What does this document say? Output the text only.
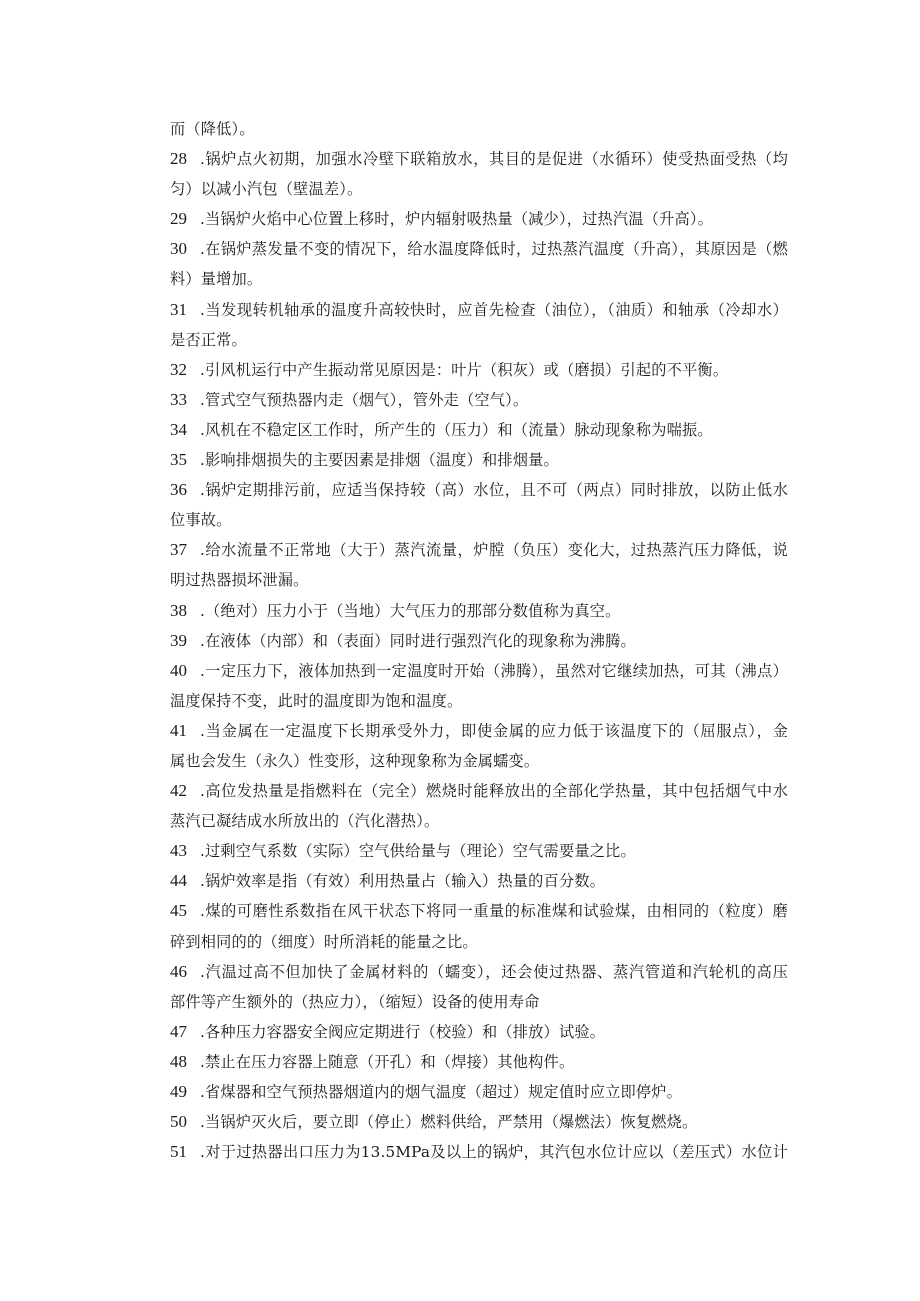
而（降低）。
28 .锅炉点火初期，加强水冷壁下联箱放水，其目的是促进（水循环）使受热面受热（均
匀）以减小汽包（壁温差）。
29 .当锅炉火焰中心位置上移时，炉内辐射吸热量（减少），过热汽温（升高）。
30 .在锅炉蒸发量不变的情况下，给水温度降低时，过热蒸汽温度（升高），其原因是（燃
料）量增加。
31 .当发现转机轴承的温度升高较快时，应首先检查（油位），（油质）和轴承（冷却水）
是否正常。
32 .引风机运行中产生振动常见原因是：叶片（积灰）或（磨损）引起的不平衡。
33 .管式空气预热器内走（烟气），管外走（空气）。
34 .风机在不稳定区工作时，所产生的（压力）和（流量）脉动现象称为喘振。
35 .影响排烟损失的主要因素是排烟（温度）和排烟量。
36 .锅炉定期排污前，应适当保持较（高）水位，且不可（两点）同时排放，以防止低水
位事故。
37 .给水流量不正常地（大于）蒸汽流量，炉膛（负压）变化大，过热蒸汽压力降低，说
明过热器损坏泄漏。
38 .（绝对）压力小于（当地）大气压力的那部分数值称为真空。
39 .在液体（内部）和（表面）同时进行强烈汽化的现象称为沸腾。
40 .一定压力下，液体加热到一定温度时开始（沸腾），虽然对它继续加热，可其（沸点）
温度保持不变，此时的温度即为饱和温度。
41 .当金属在一定温度下长期承受外力，即使金属的应力低于该温度下的（屈服点），金
属也会发生（永久）性变形，这种现象称为金属蠕变。
42 .高位发热量是指燃料在（完全）燃烧时能释放出的全部化学热量，其中包括烟气中水
蒸汽已凝结成水所放出的（汽化潜热）。
43 .过剩空气系数（实际）空气供给量与（理论）空气需要量之比。
44 .锅炉效率是指（有效）利用热量占（输入）热量的百分数。
45 .煤的可磨性系数指在风干状态下将同一重量的标准煤和试验煤，由相同的（粒度）磨
碎到相同的的（细度）时所消耗的能量之比。
46 .汽温过高不但加快了金属材料的（蠕变），还会使过热器、蒸汽管道和汽轮机的高压
部件等产生额外的（热应力），（缩短）设备的使用寿命
47 .各种压力容器安全阀应定期进行（校验）和（排放）试验。
48 .禁止在压力容器上随意（开孔）和（焊接）其他构件。
49 .省煤器和空气预热器烟道内的烟气温度（超过）规定值时应立即停炉。
50 .当锅炉灭火后，要立即（停止）燃料供给，严禁用（爆燃法）恢复燃烧。
51 .对于过热器出口压力为13.5MPa及以上的锅炉，其汽包水位计应以（差压式）水位计
